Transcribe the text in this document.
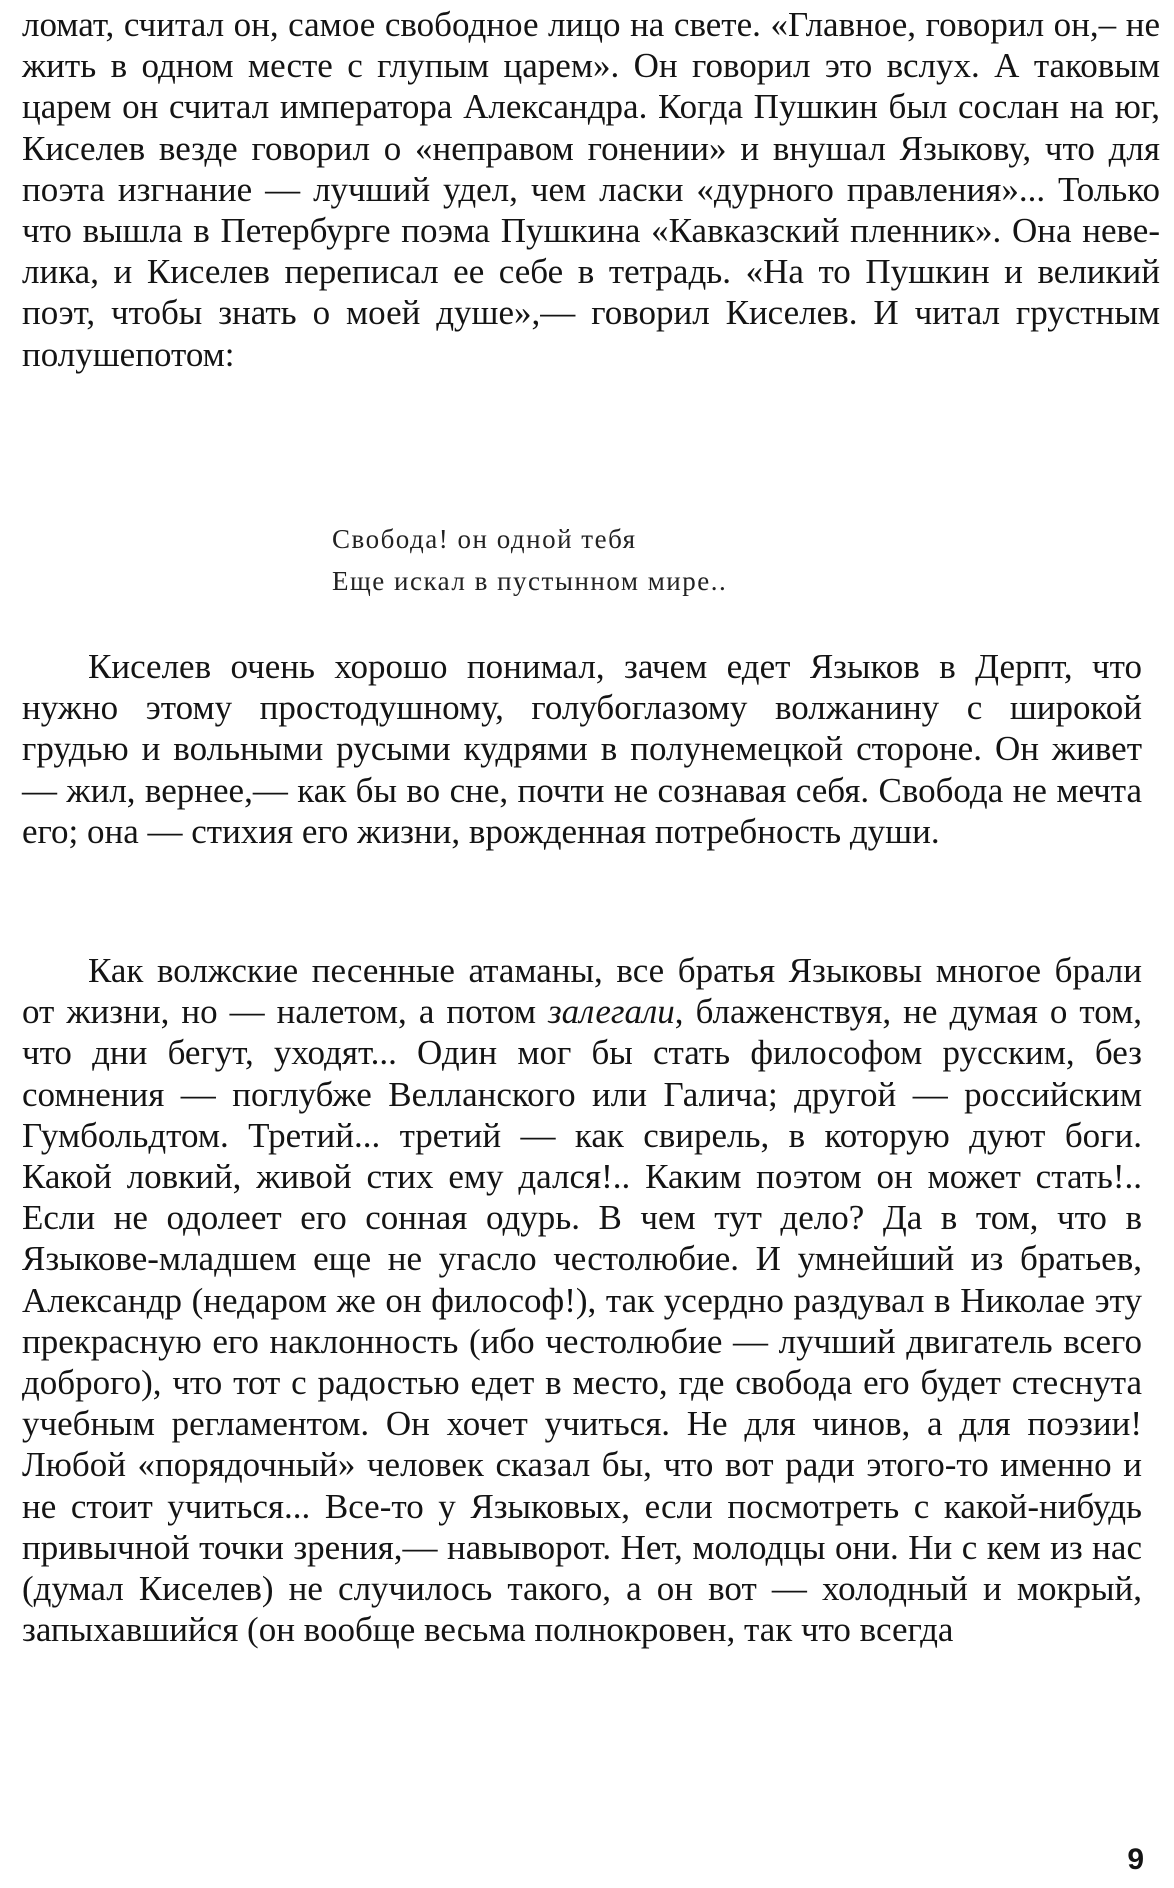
ломат, считал он, самое свободное лицо на свете. «Главное, говорил он,– не жить в одном месте с глупым царем». Он говорил это вслух. А таковым царем он считал императора Александра. Когда Пушкин был сослан на юг, Киселев везде говорил о «неправом гонении» и внушал Языкову, что для поэта изгнание — лучший удел, чем ласки «дурного правления»... Только что вышла в Петербурге поэма Пушкина «Кавказский пленник». Она невелика, и Киселев переписал ее себе в тетрадь. «На то Пушкин и великий поэт, чтобы знать о моей душе»,— говорил Киселев. И читал грустным полушепотом:

Свобода! он одной тебя
Еще искал в пустынном мире..

Киселев очень хорошо понимал, зачем едет Языков в Дерпт, что нужно этому простодушному, голубоглазому волжанину с широкой грудью и вольными русыми кудрями в полунемецкой стороне. Он живет — жил, вернее,— как бы во сне, почти не сознавая себя. Свобода не мечта его; она — стихия его жизни, врожденная потребность души.

Как волжские песенные атаманы, все братья Языковы многое брали от жизни, но — налетом, а потом залегали, блаженствуя, не думая о том, что дни бегут, уходят... Один мог бы стать философом русским, без сомнения — поглубже Велланского или Галича; другой — российским Гумбольдтом. Третий... третий — как свирель, в которую дуют боги. Какой ловкий, живой стих ему дался!.. Каким поэтом он может стать!.. Если не одолеет его сонная одурь. В чем тут дело? Да в том, что в Языкове-младшем еще не угасло честолюбие. И умнейший из братьев, Александр (недаром же он философ!), так усердно раздувал в Николае эту прекрасную его наклонность (ибо честолюбие — лучший двигатель всего доброго), что тот с радостью едет в место, где свобода его будет стеснута учебным регламентом. Он хочет учиться. Не для чинов, а для поэзии! Любой «порядочный» человек сказал бы, что вот ради этого-то именно и не стоит учиться... Все-то у Языковых, если посмотреть с какой-нибудь привычной точки зрения,— навыворот. Нет, молодцы они. Ни с кем из нас (думал Киселев) не случилось такого, а он вот — холодный и мокрый, запыхавшийся (он вообще весьма полнокровен, так что всегда

9
